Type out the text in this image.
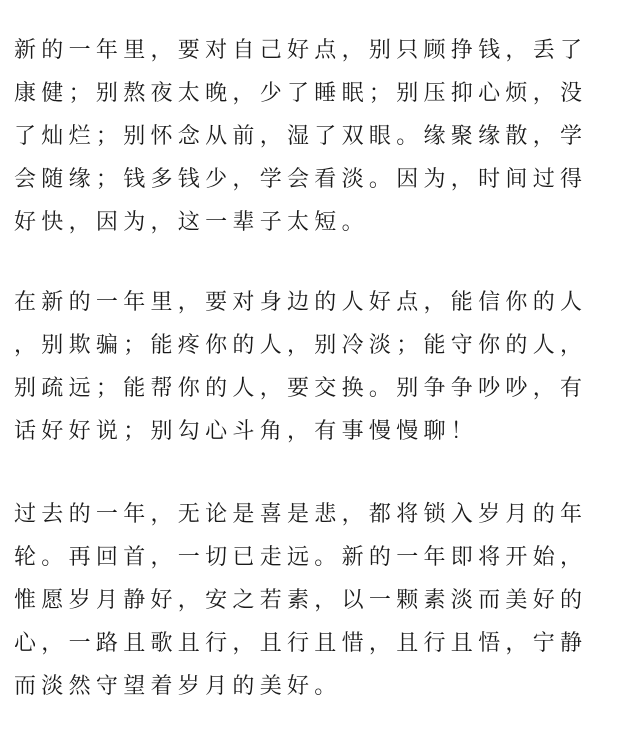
新的一年里，要对自己好点，别只顾挣钱，丢了
康健；别熬夜太晚，少了睡眠；别压抑心烦，没
了灿烂；别怀念从前，湿了双眼。缘聚缘散，学
会随缘；钱多钱少，学会看淡。因为，时间过得
好快，因为，这一辈子太短。
在新的一年里，要对身边的人好点，能信你的人
，别欺骗；能疼你的人，别冷淡；能守你的人，
别疏远；能帮你的人，要交换。别争争吵吵，有
话好好说；别勾心斗角，有事慢慢聊！
过去的一年，无论是喜是悲，都将锁入岁月的年
轮。再回首，一切已走远。新的一年即将开始，
惟愿岁月静好，安之若素，以一颗素淡而美好的
心，一路且歌且行，且行且惜，且行且悟，宁静
而淡然守望着岁月的美好。
